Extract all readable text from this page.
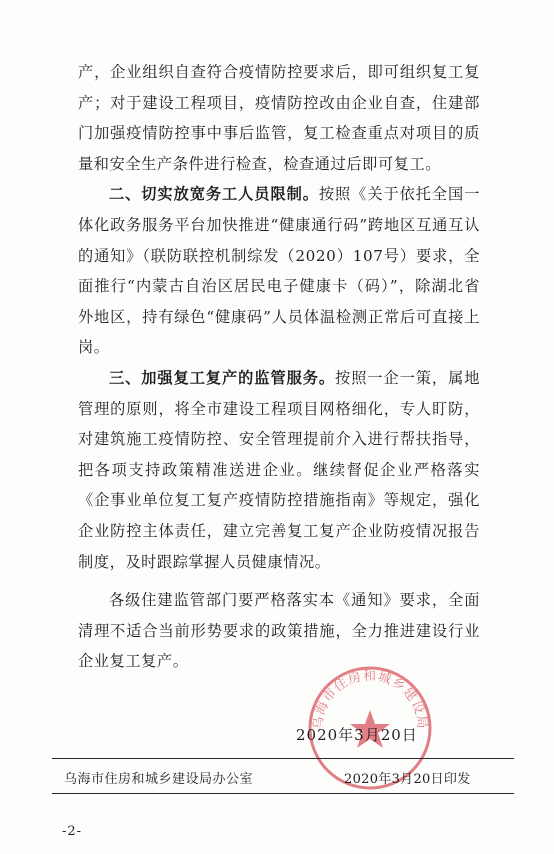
产，企业组织自查符合疫情防控要求后，即可组织复工复产；对于建设工程项目，疫情防控改由企业自查，住建部门加强疫情防控事中事后监管，复工检查重点对项目的质量和安全生产条件进行检查，检查通过后即可复工。

二、切实放宽务工人员限制。按照《关于依托全国一体化政务服务平台加快推进“健康通行码”跨地区互通互认的通知》（联防联控机制综发（2020）107号）要求，全面推行“内蒙古自治区居民电子健康卡（码）”，除湖北省外地区，持有绿色“健康码”人员体温检测正常后可直接上岗。

三、加强复工复产的监管服务。按照一企一策，属地管理的原则，将全市建设工程项目网格细化，专人盯防，对建筑施工疫情防控、安全管理提前介入进行帮扶指导，把各项支持政策精准送进企业。继续督促企业严格落实《企事业单位复工复产疫情防控措施指南》等规定，强化企业防控主体责任，建立完善复工复产企业防疫情况报告制度，及时跟踪掌握人员健康情况。

各级住建监管部门要严格落实本《通知》要求，全面清理不适合当前形势要求的政策措施，全力推进建设行业企业复工复产。

乌海市住房和城乡建设局
2020年3月20日
乌海市住房和城乡建设局办公室	2020年3月20日印发
-2-
